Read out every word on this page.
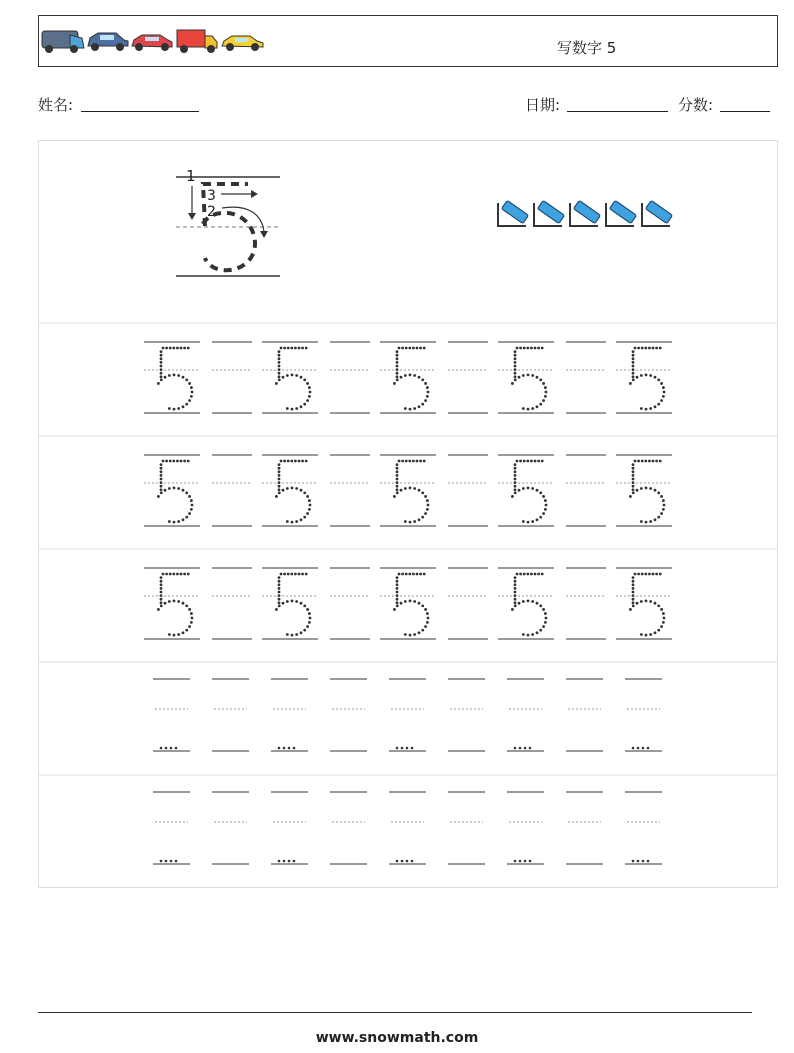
写数字 5
姓名:	日期:	分数:
1
3
2
www.snowmath.com
